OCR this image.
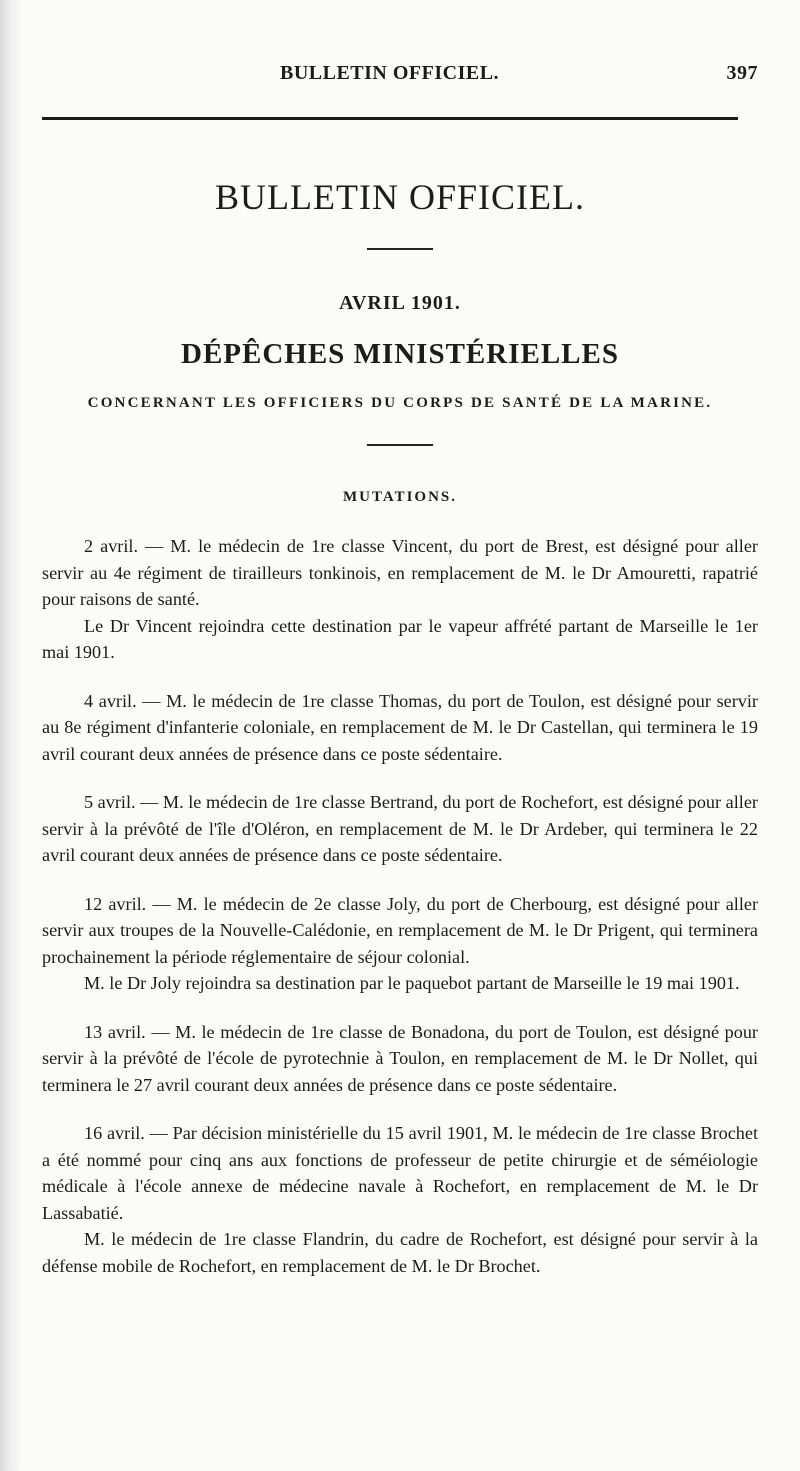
BULLETIN OFFICIEL.	397
BULLETIN OFFICIEL.
AVRIL 1901.
DÉPÊCHES MINISTÉRIELLES
CONCERNANT LES OFFICIERS DU CORPS DE SANTÉ DE LA MARINE.
MUTATIONS.

2 avril. — M. le médecin de 1re classe Vincent, du port de Brest, est désigné pour aller servir au 4e régiment de tirailleurs tonkinois, en remplacement de M. le Dr Amouretti, rapatrié pour raisons de santé.

Le Dr Vincent rejoindra cette destination par le vapeur affrété partant de Marseille le 1er mai 1901.

4 avril. — M. le médecin de 1re classe Thomas, du port de Toulon, est désigné pour servir au 8e régiment d'infanterie coloniale, en remplacement de M. le Dr Castellan, qui terminera le 19 avril courant deux années de présence dans ce poste sédentaire.

5 avril. — M. le médecin de 1re classe Bertrand, du port de Rochefort, est désigné pour aller servir à la prévôté de l'île d'Oléron, en remplacement de M. le Dr Ardeber, qui terminera le 22 avril courant deux années de présence dans ce poste sédentaire.

12 avril. — M. le médecin de 2e classe Joly, du port de Cherbourg, est désigné pour aller servir aux troupes de la Nouvelle-Calédonie, en remplacement de M. le Dr Prigent, qui terminera prochainement la période réglementaire de séjour colonial.

M. le Dr Joly rejoindra sa destination par le paquebot partant de Marseille le 19 mai 1901.

13 avril. — M. le médecin de 1re classe de Bonadona, du port de Toulon, est désigné pour servir à la prévôté de l'école de pyrotechnie à Toulon, en remplacement de M. le Dr Nollet, qui terminera le 27 avril courant deux années de présence dans ce poste sédentaire.

16 avril. — Par décision ministérielle du 15 avril 1901, M. le médecin de 1re classe Brochet a été nommé pour cinq ans aux fonctions de professeur de petite chirurgie et de séméiologie médicale à l'école annexe de médecine navale à Rochefort, en remplacement de M. le Dr Lassabatié.

M. le médecin de 1re classe Flandrin, du cadre de Rochefort, est désigné pour servir à la défense mobile de Rochefort, en remplacement de M. le Dr Brochet.
